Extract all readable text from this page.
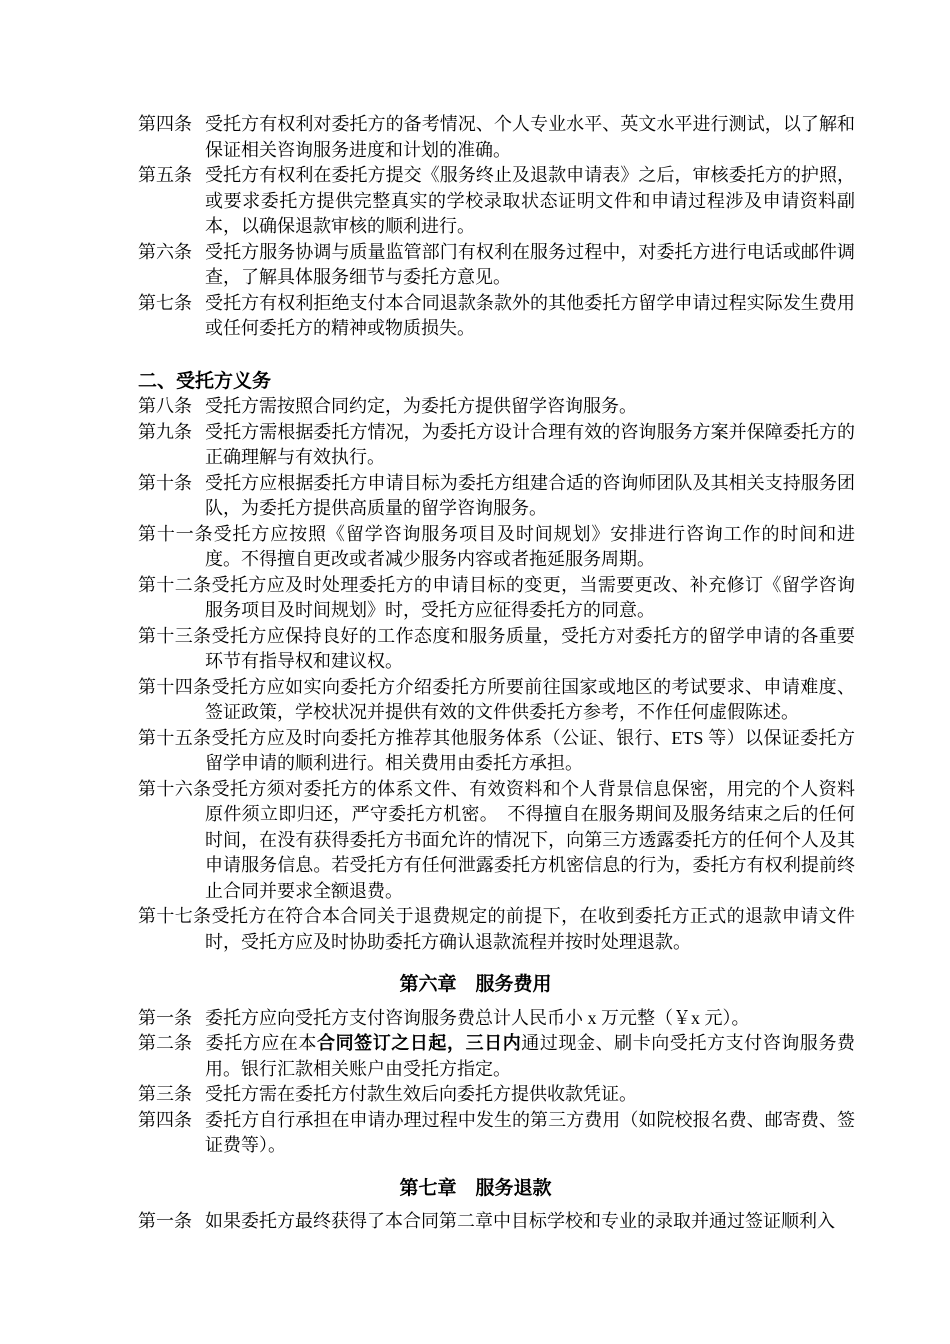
第四条 受托方有权利对委托方的备考情况、个人专业水平、英文水平进行测试，以了解和保证相关咨询服务进度和计划的准确。

第五条 受托方有权利在委托方提交《服务终止及退款申请表》之后，审核委托方的护照，或要求委托方提供完整真实的学校录取状态证明文件和申请过程涉及申请资料副本，以确保退款审核的顺利进行。

第六条 受托方服务协调与质量监管部门有权利在服务过程中，对委托方进行电话或邮件调查，了解具体服务细节与委托方意见。

第七条 受托方有权利拒绝支付本合同退款条款外的其他委托方留学申请过程实际发生费用或任何委托方的精神或物质损失。

二、受托方义务

第八条 受托方需按照合同约定，为委托方提供留学咨询服务。

第九条 受托方需根据委托方情况，为委托方设计合理有效的咨询服务方案并保障委托方的正确理解与有效执行。

第十条 受托方应根据委托方申请目标为委托方组建合适的咨询师团队及其相关支持服务团队，为委托方提供高质量的留学咨询服务。

第十一条受托方应按照《留学咨询服务项目及时间规划》安排进行咨询工作的时间和进度。不得擅自更改或者减少服务内容或者拖延服务周期。

第十二条受托方应及时处理委托方的申请目标的变更，当需要更改、补充修订《留学咨询服务项目及时间规划》时，受托方应征得委托方的同意。

第十三条受托方应保持良好的工作态度和服务质量，受托方对委托方的留学申请的各重要环节有指导权和建议权。

第十四条受托方应如实向委托方介绍委托方所要前往国家或地区的考试要求、申请难度、签证政策，学校状况并提供有效的文件供委托方参考，不作任何虚假陈述。

第十五条受托方应及时向委托方推荐其他服务体系（公证、银行、ETS 等）以保证委托方留学申请的顺利进行。相关费用由委托方承担。

第十六条受托方须对委托方的体系文件、有效资料和个人背景信息保密，用完的个人资料原件须立即归还，严守委托方机密。　不得擅自在服务期间及服务结束之后的任何时间，在没有获得委托方书面允许的情况下，向第三方透露委托方的任何个人及其申请服务信息。若受托方有任何泄露委托方机密信息的行为，委托方有权利提前终止合同并要求全额退费。

第十七条受托方在符合本合同关于退费规定的前提下，在收到委托方正式的退款申请文件时，受托方应及时协助委托方确认退款流程并按时处理退款。

第六章　服务费用

第一条 委托方应向受托方支付咨询服务费总计人民币小 x 万元整（￥x 元）。

第二条 委托方应在本合同签订之日起，三日内通过现金、刷卡向受托方支付咨询服务费用。银行汇款相关账户由受托方指定。

第三条 受托方需在委托方付款生效后向委托方提供收款凭证。

第四条 委托方自行承担在申请办理过程中发生的第三方费用（如院校报名费、邮寄费、签证费等）。

第七章　服务退款

第一条 如果委托方最终获得了本合同第二章中目标学校和专业的录取并通过签证顺利入
